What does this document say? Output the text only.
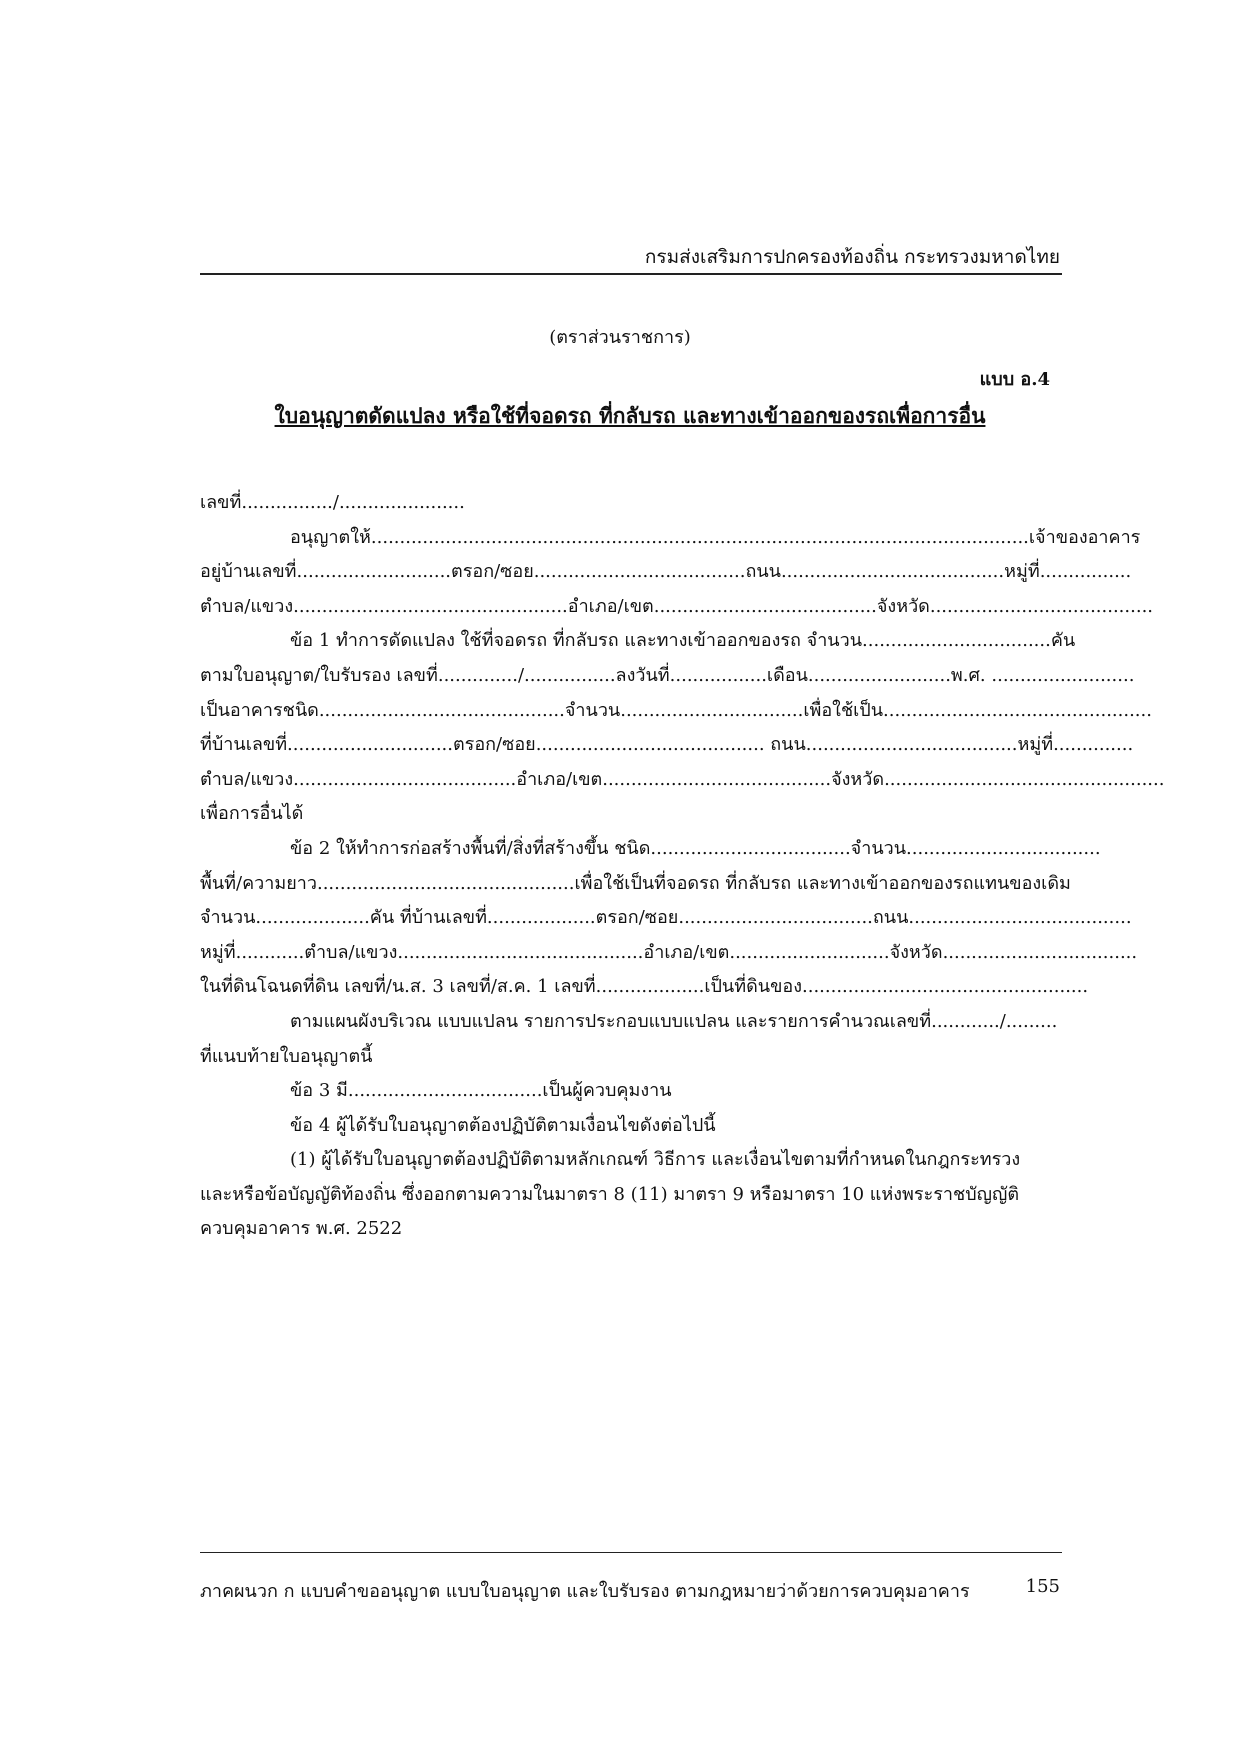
กรมส่งเสริมการปกครองท้องถิ่น กระทรวงมหาดไทย
(ตราส่วนราชการ)
แบบ อ.4
ใบอนุญาตดัดแปลง หรือใช้ที่จอดรถ ที่กลับรถ และทางเข้าออกของรถเพื่อการอื่น
เลขที่................/......................
อนุญาตให้...................................................................................................................เจ้าของอาคาร
อยู่บ้านเลขที่...........................ตรอก/ซอย.....................................ถนน.......................................หมู่ที่................
ตำบล/แขวง................................................อำเภอ/เขต.......................................จังหวัด.......................................
ข้อ 1 ทำการดัดแปลง ใช้ที่จอดรถ ที่กลับรถ และทางเข้าออกของรถ จำนวน.................................คัน
ตามใบอนุญาต/ใบรับรอง เลขที่............../................ลงวันที่.................เดือน.........................พ.ศ. .........................
เป็นอาคารชนิด...........................................จำนวน................................เพื่อใช้เป็น...............................................
ที่บ้านเลขที่.............................ตรอก/ซอย........................................ ถนน.....................................หมู่ที่..............
ตำบล/แขวง.......................................อำเภอ/เขต........................................จังหวัด.................................................
เพื่อการอื่นได้
ข้อ 2 ให้ทำการก่อสร้างพื้นที่/สิ่งที่สร้างขึ้น ชนิด...................................จำนวน..................................
พื้นที่/ความยาว.............................................เพื่อใช้เป็นที่จอดรถ ที่กลับรถ และทางเข้าออกของรถแทนของเดิม
จำนวน....................คัน ที่บ้านเลขที่...................ตรอก/ซอย..................................ถนน.......................................
หมู่ที่............ตำบล/แขวง...........................................อำเภอ/เขต............................จังหวัด..................................
ในที่ดินโฉนดที่ดิน เลขที่/น.ส. 3 เลขที่/ส.ค. 1 เลขที่...................เป็นที่ดินของ..................................................
ตามแผนผังบริเวณ แบบแปลน รายการประกอบแบบแปลน และรายการคำนวณเลขที่............/.........
ที่แนบท้ายใบอนุญาตนี้
ข้อ 3 มี..................................เป็นผู้ควบคุมงาน
ข้อ 4 ผู้ได้รับใบอนุญาตต้องปฏิบัติตามเงื่อนไขดังต่อไปนี้
(1) ผู้ได้รับใบอนุญาตต้องปฏิบัติตามหลักเกณฑ์ วิธีการ และเงื่อนไขตามที่กำหนดในกฎกระทรวง
และหรือข้อบัญญัติท้องถิ่น ซึ่งออกตามความในมาตรา 8 (11) มาตรา 9 หรือมาตรา 10 แห่งพระราชบัญญัติ
ควบคุมอาคาร พ.ศ. 2522
ภาคผนวก ก แบบคำขออนุญาต แบบใบอนุญาต และใบรับรอง ตามกฎหมายว่าด้วยการควบคุมอาคาร	155
